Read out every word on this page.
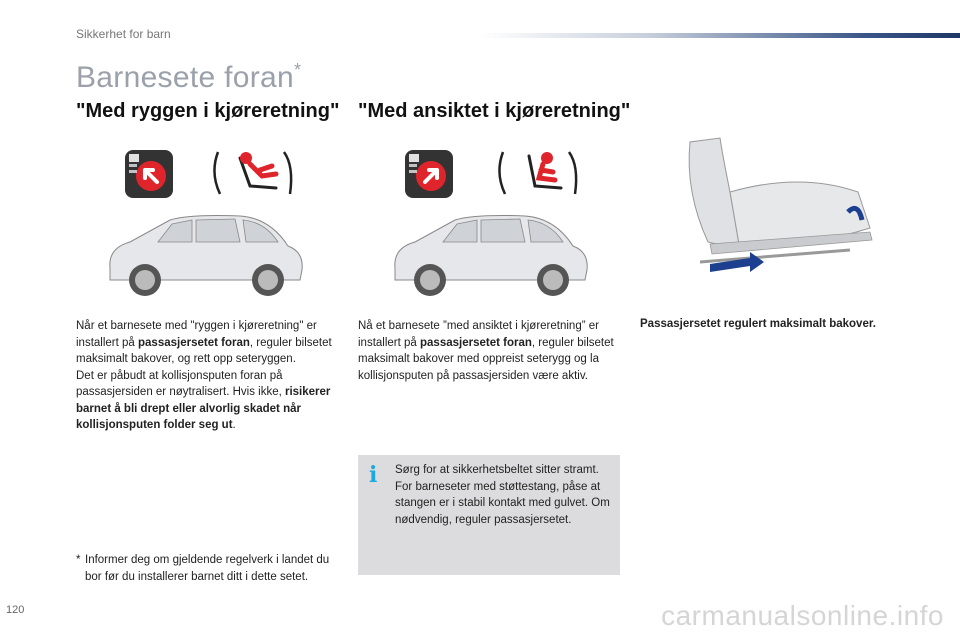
Sikkerhet for barn
Barnesete foran*
"Med ryggen i kjøreretning" "Med ansiktet i kjøreretning"
Når et barnesete med "ryggen i kjøreretning" er installert på passasjersetet foran, reguler bilsetet maksimalt bakover, og rett opp seteryggen.
Det er påbudt at kollisjonsputen foran på passasjersiden er nøytralisert. Hvis ikke, risikerer barnet å bli drept eller alvorlig skadet når kollisjonsputen folder seg ut.
Nå et barnesete ”med ansiktet i kjøreretning” er installert på passasjersetet foran, reguler bilsetet maksimalt bakover med oppreist seterygg og la kollisjonsputen på passasjersiden være aktiv.
Passasjersetet regulert maksimalt bakover.
i Sørg for at sikkerhetsbeltet sitter stramt. For barneseter med støttestang, påse at stangen er i stabil kontakt med gulvet. Om nødvendig, reguler passasjersetet.
* Informer deg om gjeldende regelverk i landet du bor før du installerer barnet ditt i dette setet.
120	carmanualsonline.info
